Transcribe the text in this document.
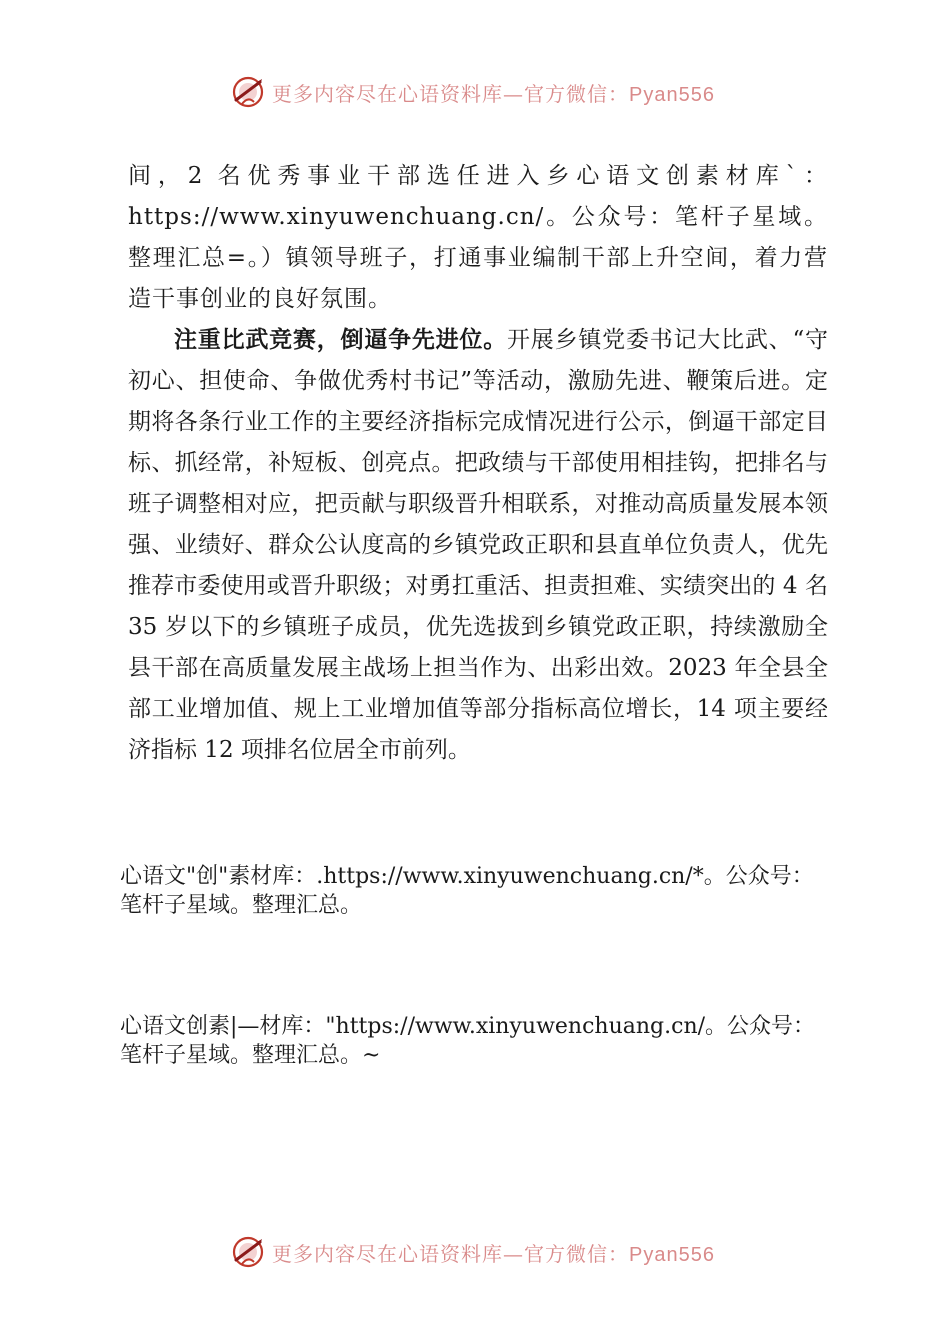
更多内容尽在心语资料库—官方微信：Pyan556

间，2 名优秀事业干部选任进入乡心语文创素材库`：https://www.xinyuwenchuang.cn/。公众号：笔杆子星域。整理汇总=。）镇领导班子，打通事业编制干部上升空间，着力营造干事创业的良好氛围。

注重比武竞赛，倒逼争先进位。开展乡镇党委书记大比武、“守初心、担使命、争做优秀村书记”等活动，激励先进、鞭策后进。定期将各条行业工作的主要经济指标完成情况进行公示，倒逼干部定目标、抓经常，补短板、创亮点。把政绩与干部使用相挂钩，把排名与班子调整相对应，把贡献与职级晋升相联系，对推动高质量发展本领强、业绩好、群众公认度高的乡镇党政正职和县直单位负责人，优先推荐市委使用或晋升职级；对勇扛重活、担责担难、实绩突出的 4 名 35 岁以下的乡镇班子成员，优先选拔到乡镇党政正职，持续激励全县干部在高质量发展主战场上担当作为、出彩出效。2023 年全县全部工业增加值、规上工业增加值等部分指标高位增长，14 项主要经济指标 12 项排名位居全市前列。

心语文"创"素材库：.https://www.xinyuwenchuang.cn/*。公众号：笔杆子星域。整理汇总。

心语文创素|—材库："https://www.xinyuwenchuang.cn/。公众号：笔杆子星域。整理汇总。~

更多内容尽在心语资料库—官方微信：Pyan556
